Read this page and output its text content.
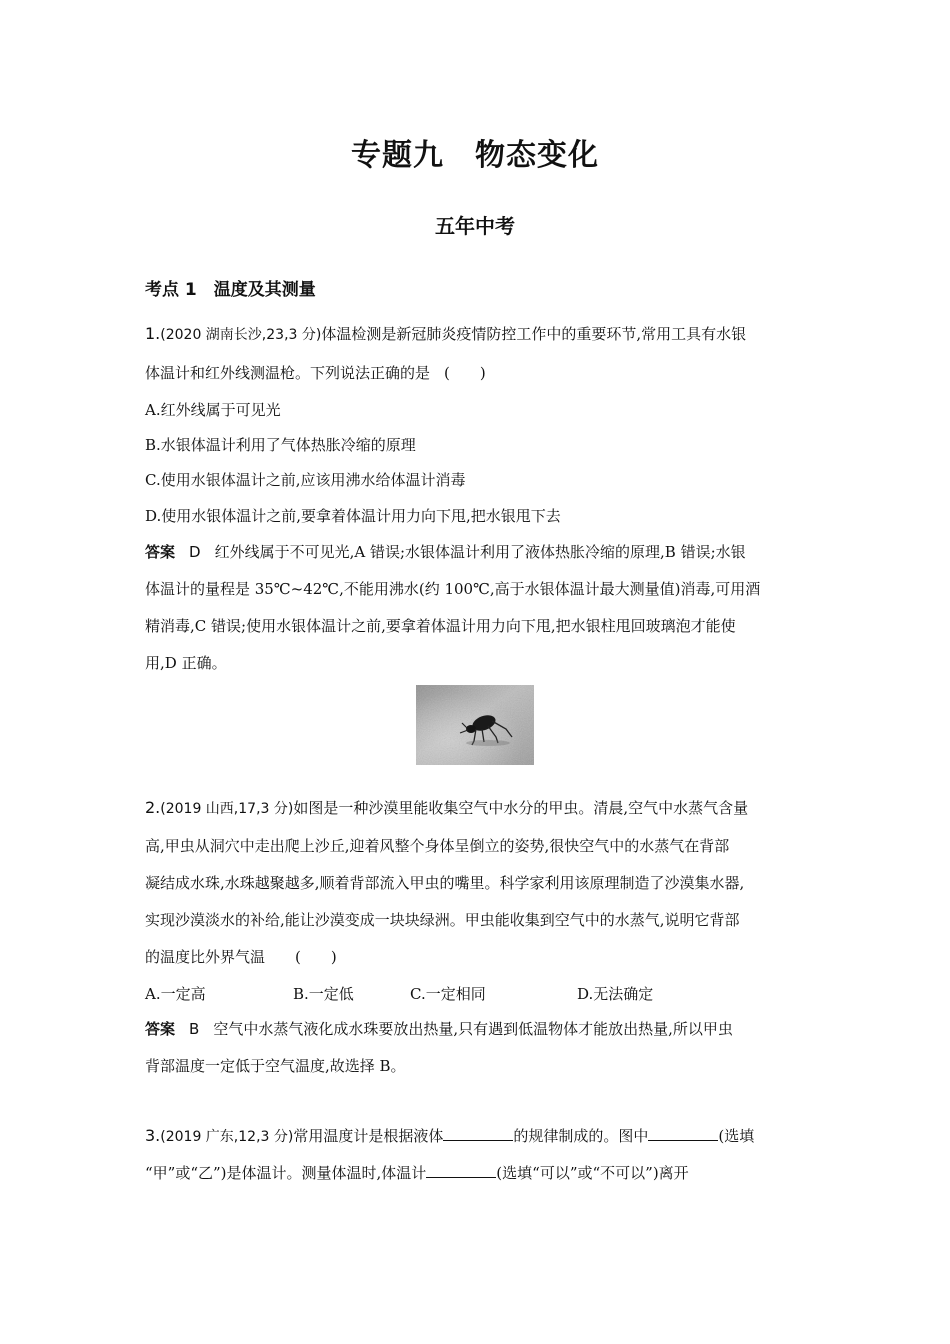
专题九　物态变化
五年中考
考点 1　温度及其测量
1.(2020 湖南长沙,23,3 分)体温检测是新冠肺炎疫情防控工作中的重要环节,常用工具有水银
体温计和红外线测温枪。下列说法正确的是 (　　)
A.红外线属于可见光
B.水银体温计利用了气体热胀冷缩的原理
C.使用水银体温计之前,应该用沸水给体温计消毒
D.使用水银体温计之前,要拿着体温计用力向下甩,把水银甩下去
答案 D 红外线属于不可见光,A 错误;水银体温计利用了液体热胀冷缩的原理,B 错误;水银
体温计的量程是 35℃~42℃,不能用沸水(约 100℃,高于水银体温计最大测量值)消毒,可用酒
精消毒,C 错误;使用水银体温计之前,要拿着体温计用力向下甩,把水银柱甩回玻璃泡才能使
用,D 正确。
2.(2019 山西,17,3 分)如图是一种沙漠里能收集空气中水分的甲虫。清晨,空气中水蒸气含量
高,甲虫从洞穴中走出爬上沙丘,迎着风整个身体呈倒立的姿势,很快空气中的水蒸气在背部
凝结成水珠,水珠越聚越多,顺着背部流入甲虫的嘴里。科学家利用该原理制造了沙漠集水器,
实现沙漠淡水的补给,能让沙漠变成一块块绿洲。甲虫能收集到空气中的水蒸气,说明它背部
的温度比外界气温 (　　)
A.一定高	B.一定低	C.一定相同	D.无法确定
答案 B 空气中水蒸气液化成水珠要放出热量,只有遇到低温物体才能放出热量,所以甲虫
背部温度一定低于空气温度,故选择 B。
3.(2019 广东,12,3 分)常用温度计是根据液体	的规律制成的。图中	(选填
“甲”或“乙”)是体温计。测量体温时,体温计	(选填“可以”或“不可以”)离开
